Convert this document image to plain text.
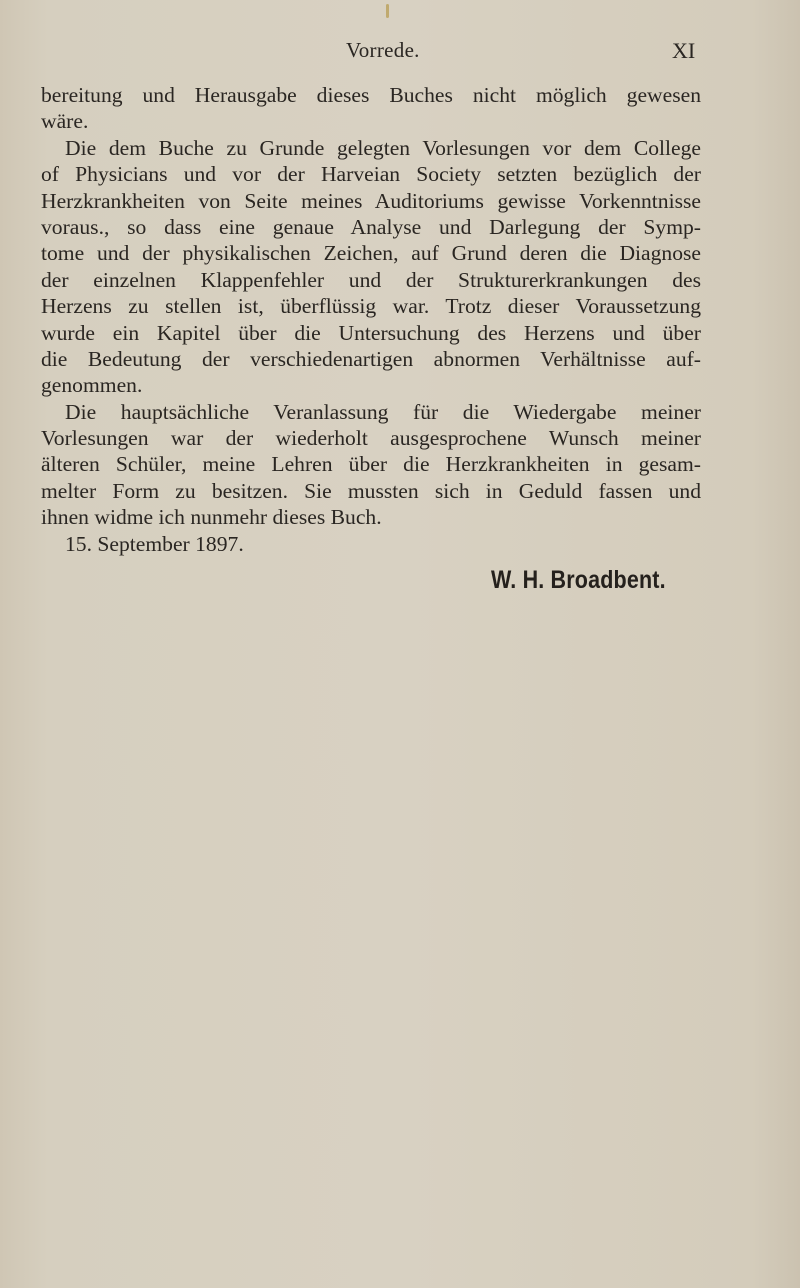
Vorrede.	XI
bereitung und Herausgabe dieses Buches nicht möglich gewesen
wäre.
Die dem Buche zu Grunde gelegten Vorlesungen vor dem College
of Physicians und vor der Harveian Society setzten bezüglich der
Herzkrankheiten von Seite meines Auditoriums gewisse Vorkenntnisse
voraus., so dass eine genaue Analyse und Darlegung der Symp-
tome und der physikalischen Zeichen, auf Grund deren die Diagnose
der einzelnen Klappenfehler und der Strukturerkrankungen des
Herzens zu stellen ist, überflüssig war. Trotz dieser Voraussetzung
wurde ein Kapitel über die Untersuchung des Herzens und über
die Bedeutung der verschiedenartigen abnormen Verhältnisse auf-
genommen.
Die hauptsächliche Veranlassung für die Wiedergabe meiner
Vorlesungen war der wiederholt ausgesprochene Wunsch meiner
älteren Schüler, meine Lehren über die Herzkrankheiten in gesam-
melter Form zu besitzen. Sie mussten sich in Geduld fassen und
ihnen widme ich nunmehr dieses Buch.
15. September 1897.
W. H. Broadbent.
